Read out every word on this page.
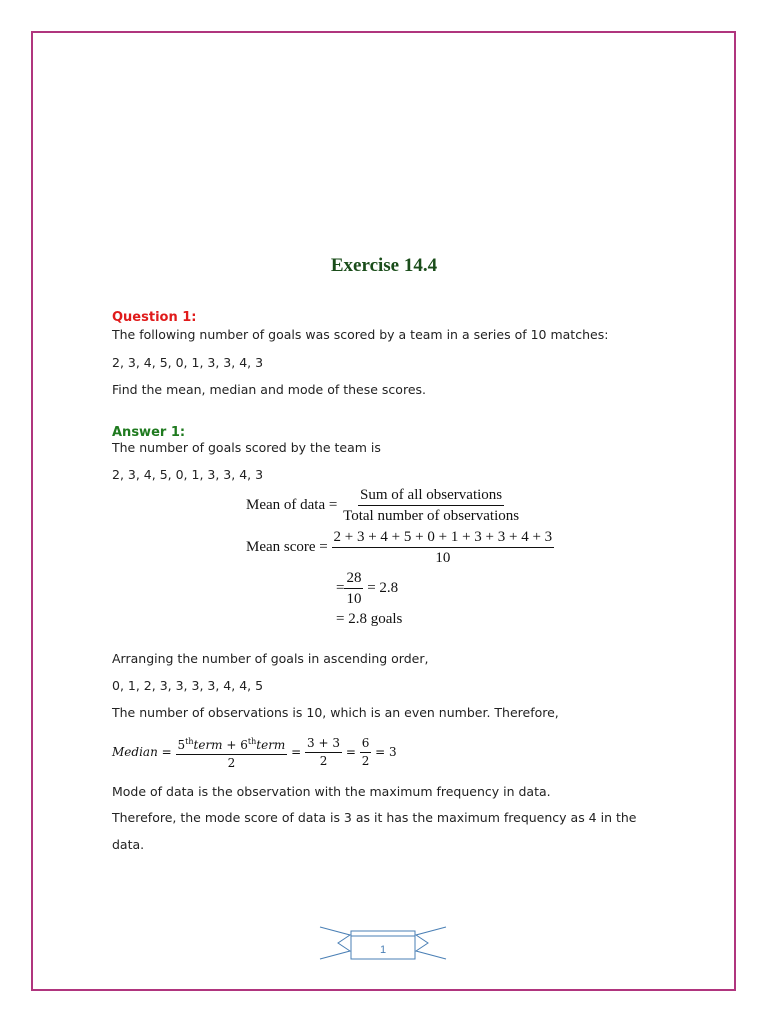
Exercise 14.4
Question 1:
The following number of goals was scored by a team in a series of 10 matches:
2, 3, 4, 5, 0, 1, 3, 3, 4, 3
Find the mean, median and mode of these scores.
Answer 1:
The number of goals scored by the team is
2, 3, 4, 5, 0, 1, 3, 3, 4, 3
Mean of data = $\frac{\text{Sum of all observations}}{\text{Total number of observations}}$
Mean score = $\frac{2 + 3 + 4 + 5 + 0 + 1 + 3 + 3 + 4 + 3}{10}$
= $\frac{28}{10} = 2.8$
= 2.8 goals
Arranging the number of goals in ascending order,
0, 1, 2, 3, 3, 3, 3, 4, 4, 5
The number of observations is 10, which is an even number. Therefore,
Median = $\frac{5^{th}term + 6^{th}term}{2} = \frac{3 + 3}{2} = \frac{6}{2} = 3$
Mode of data is the observation with the maximum frequency in data.
Therefore, the mode score of data is 3 as it has the maximum frequency as 4 in the
data.
1
